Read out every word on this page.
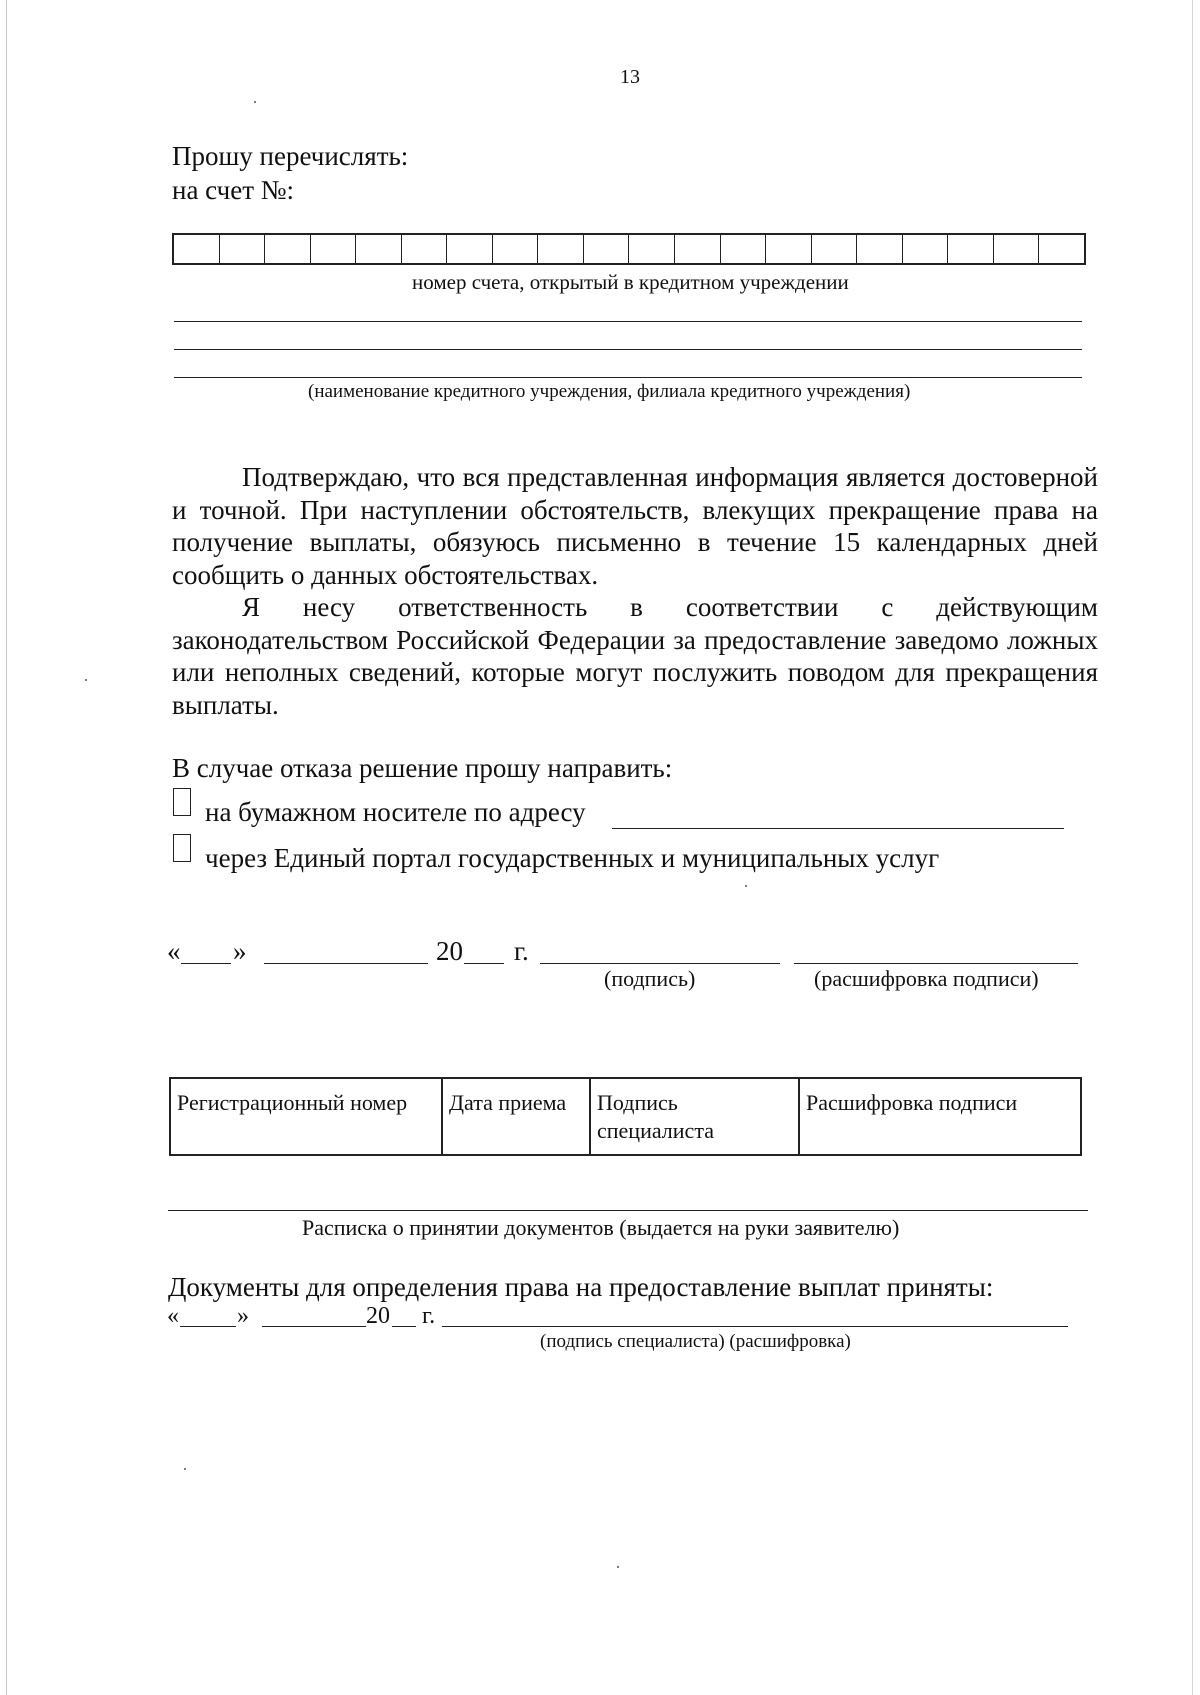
13
Прошу перечислять:
на счет №:
номер счета, открытый в кредитном учреждении
(наименование кредитного учреждения, филиала кредитного учреждения)

Подтверждаю, что вся представленная информация является достоверной и точной. При наступлении обстоятельств, влекущих прекращение права на получение выплаты, обязуюсь письменно в течение 15 календарных дней сообщить о данных обстоятельствах.

Я несу ответственность в соответствии с действующим законодательством Российской Федерации за предоставление заведомо ложных или неполных сведений, которые могут послужить поводом для прекращения выплаты.

В случае отказа решение прошу направить:
на бумажном носителе по адресу
через Единый портал государственных и муниципальных услуг
« »	20 г.
(подпись)	(расшифровка подписи)
Регистрационный номер	Дата приема	Подпись специалиста	Расшифровка подписи
Расписка о принятии документов (выдается на руки заявителю)
Документы для определения права на предоставление выплат приняты:
« »	20 г.
(подпись специалиста) (расшифровка)
